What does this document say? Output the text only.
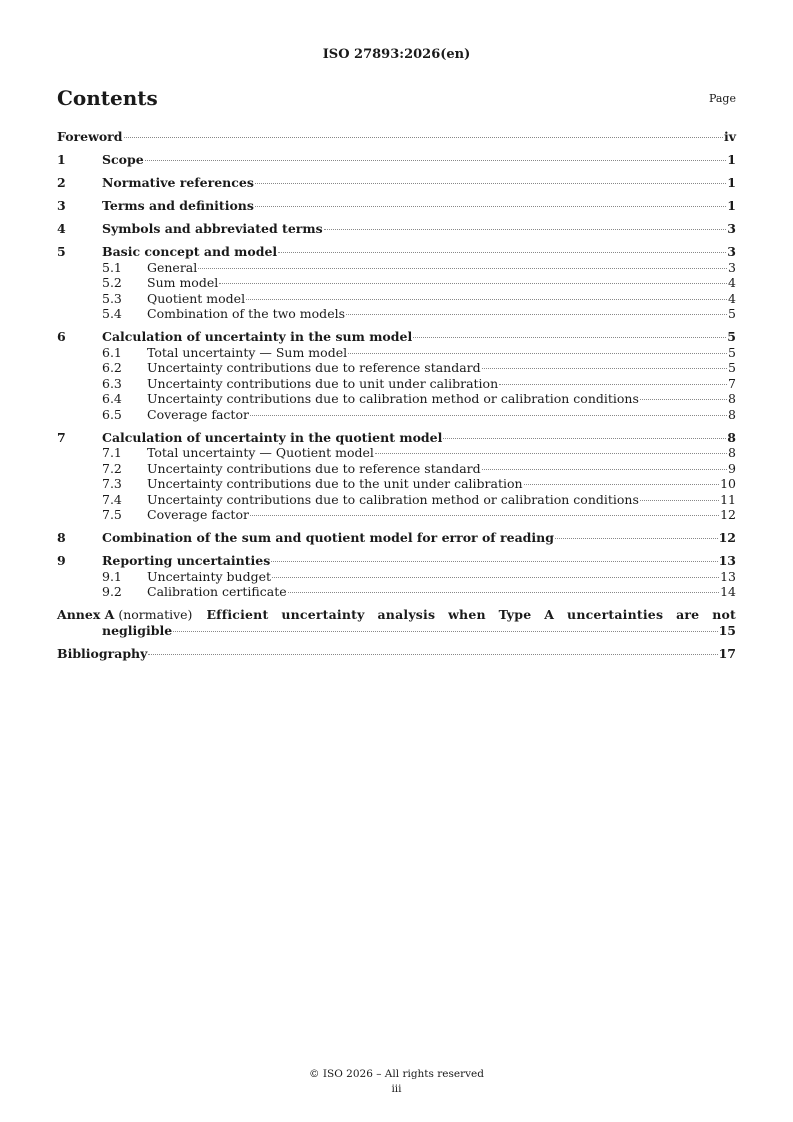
ISO 27893:2026(en)
Contents	Page
Foreword	iv
1	Scope	1
2	Normative references	1
3	Terms and definitions	1
4	Symbols and abbreviated terms	3
5	Basic concept and model	3
5.1	General	3
5.2	Sum model	4
5.3	Quotient model	4
5.4	Combination of the two models	5
6	Calculation of uncertainty in the sum model	5
6.1	Total uncertainty — Sum model	5
6.2	Uncertainty contributions due to reference standard	5
6.3	Uncertainty contributions due to unit under calibration	7
6.4	Uncertainty contributions due to calibration method or calibration conditions	8
6.5	Coverage factor	8
7	Calculation of uncertainty in the quotient model	8
7.1	Total uncertainty — Quotient model	8
7.2	Uncertainty contributions due to reference standard	9
7.3	Uncertainty contributions due to the unit under calibration	10
7.4	Uncertainty contributions due to calibration method or calibration conditions	11
7.5	Coverage factor	12
8	Combination of the sum and quotient model for error of reading	12
9	Reporting uncertainties	13
9.1	Uncertainty budget	13
9.2	Calibration certificate	14
Annex A (normative)	Efficient uncertainty analysis when Type A uncertainties are not
negligible	15
Bibliography	17
© ISO 2026 – All rights reserved
iii
